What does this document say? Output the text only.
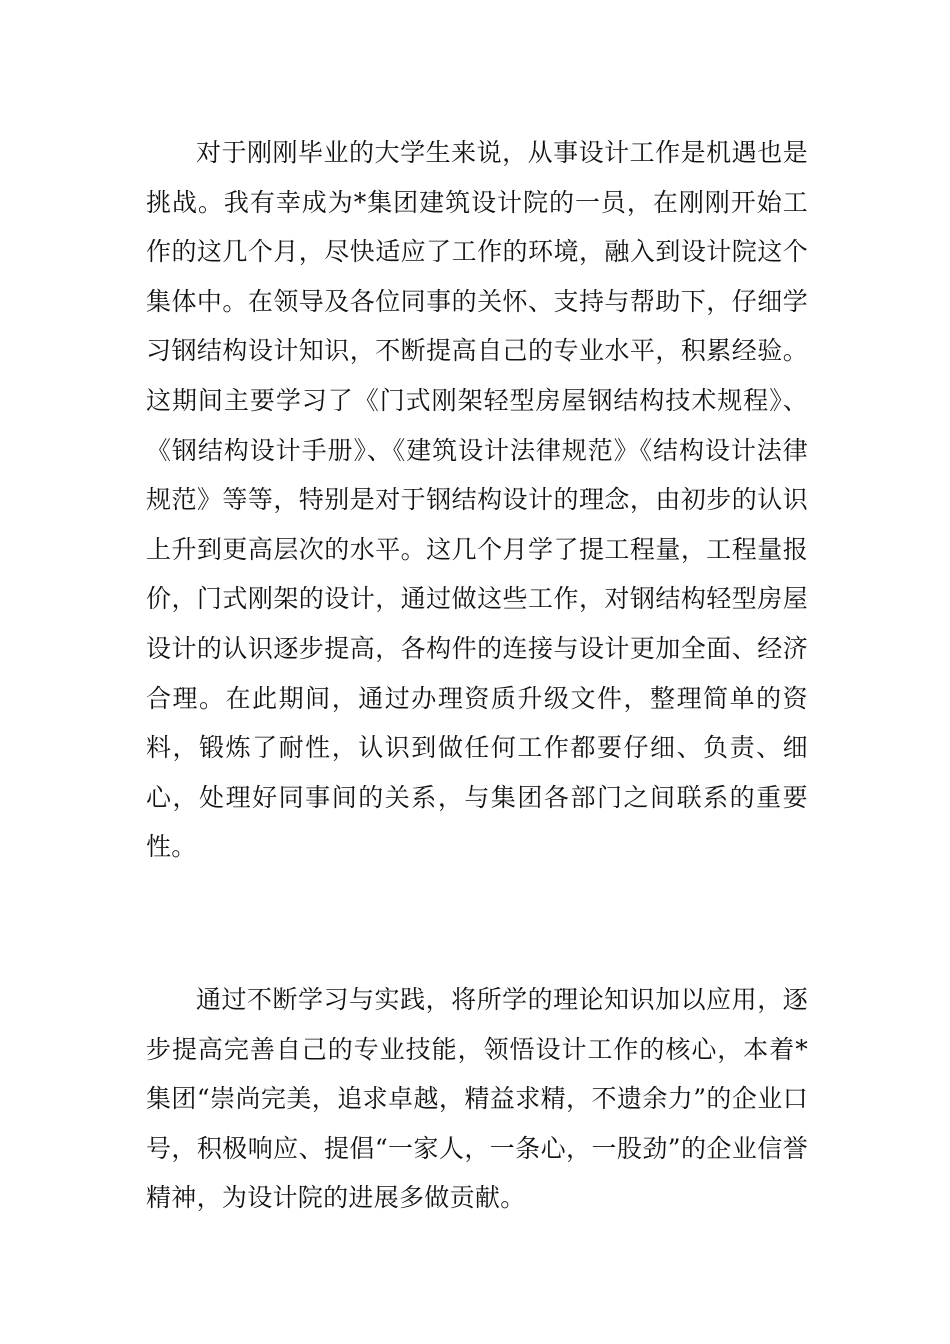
对于刚刚毕业的大学生来说，从事设计工作是机遇也是挑战。我有幸成为*集团建筑设计院的一员，在刚刚开始工作的这几个月，尽快适应了工作的环境，融入到设计院这个集体中。在领导及各位同事的关怀、支持与帮助下，仔细学习钢结构设计知识，不断提高自己的专业水平，积累经验。这期间主要学习了《门式刚架轻型房屋钢结构技术规程》、《钢结构设计手册》、《建筑设计法律规范》《结构设计法律规范》等等，特别是对于钢结构设计的理念，由初步的认识上升到更高层次的水平。这几个月学了提工程量，工程量报价，门式刚架的设计，通过做这些工作，对钢结构轻型房屋设计的认识逐步提高，各构件的连接与设计更加全面、经济合理。在此期间，通过办理资质升级文件，整理简单的资料，锻炼了耐性，认识到做任何工作都要仔细、负责、细心，处理好同事间的关系，与集团各部门之间联系的重要性。

通过不断学习与实践，将所学的理论知识加以应用，逐步提高完善自己的专业技能，领悟设计工作的核心，本着*集团“崇尚完美，追求卓越，精益求精，不遗余力”的企业口号，积极响应、提倡“一家人，一条心，一股劲”的企业信誉精神，为设计院的进展多做贡献。
